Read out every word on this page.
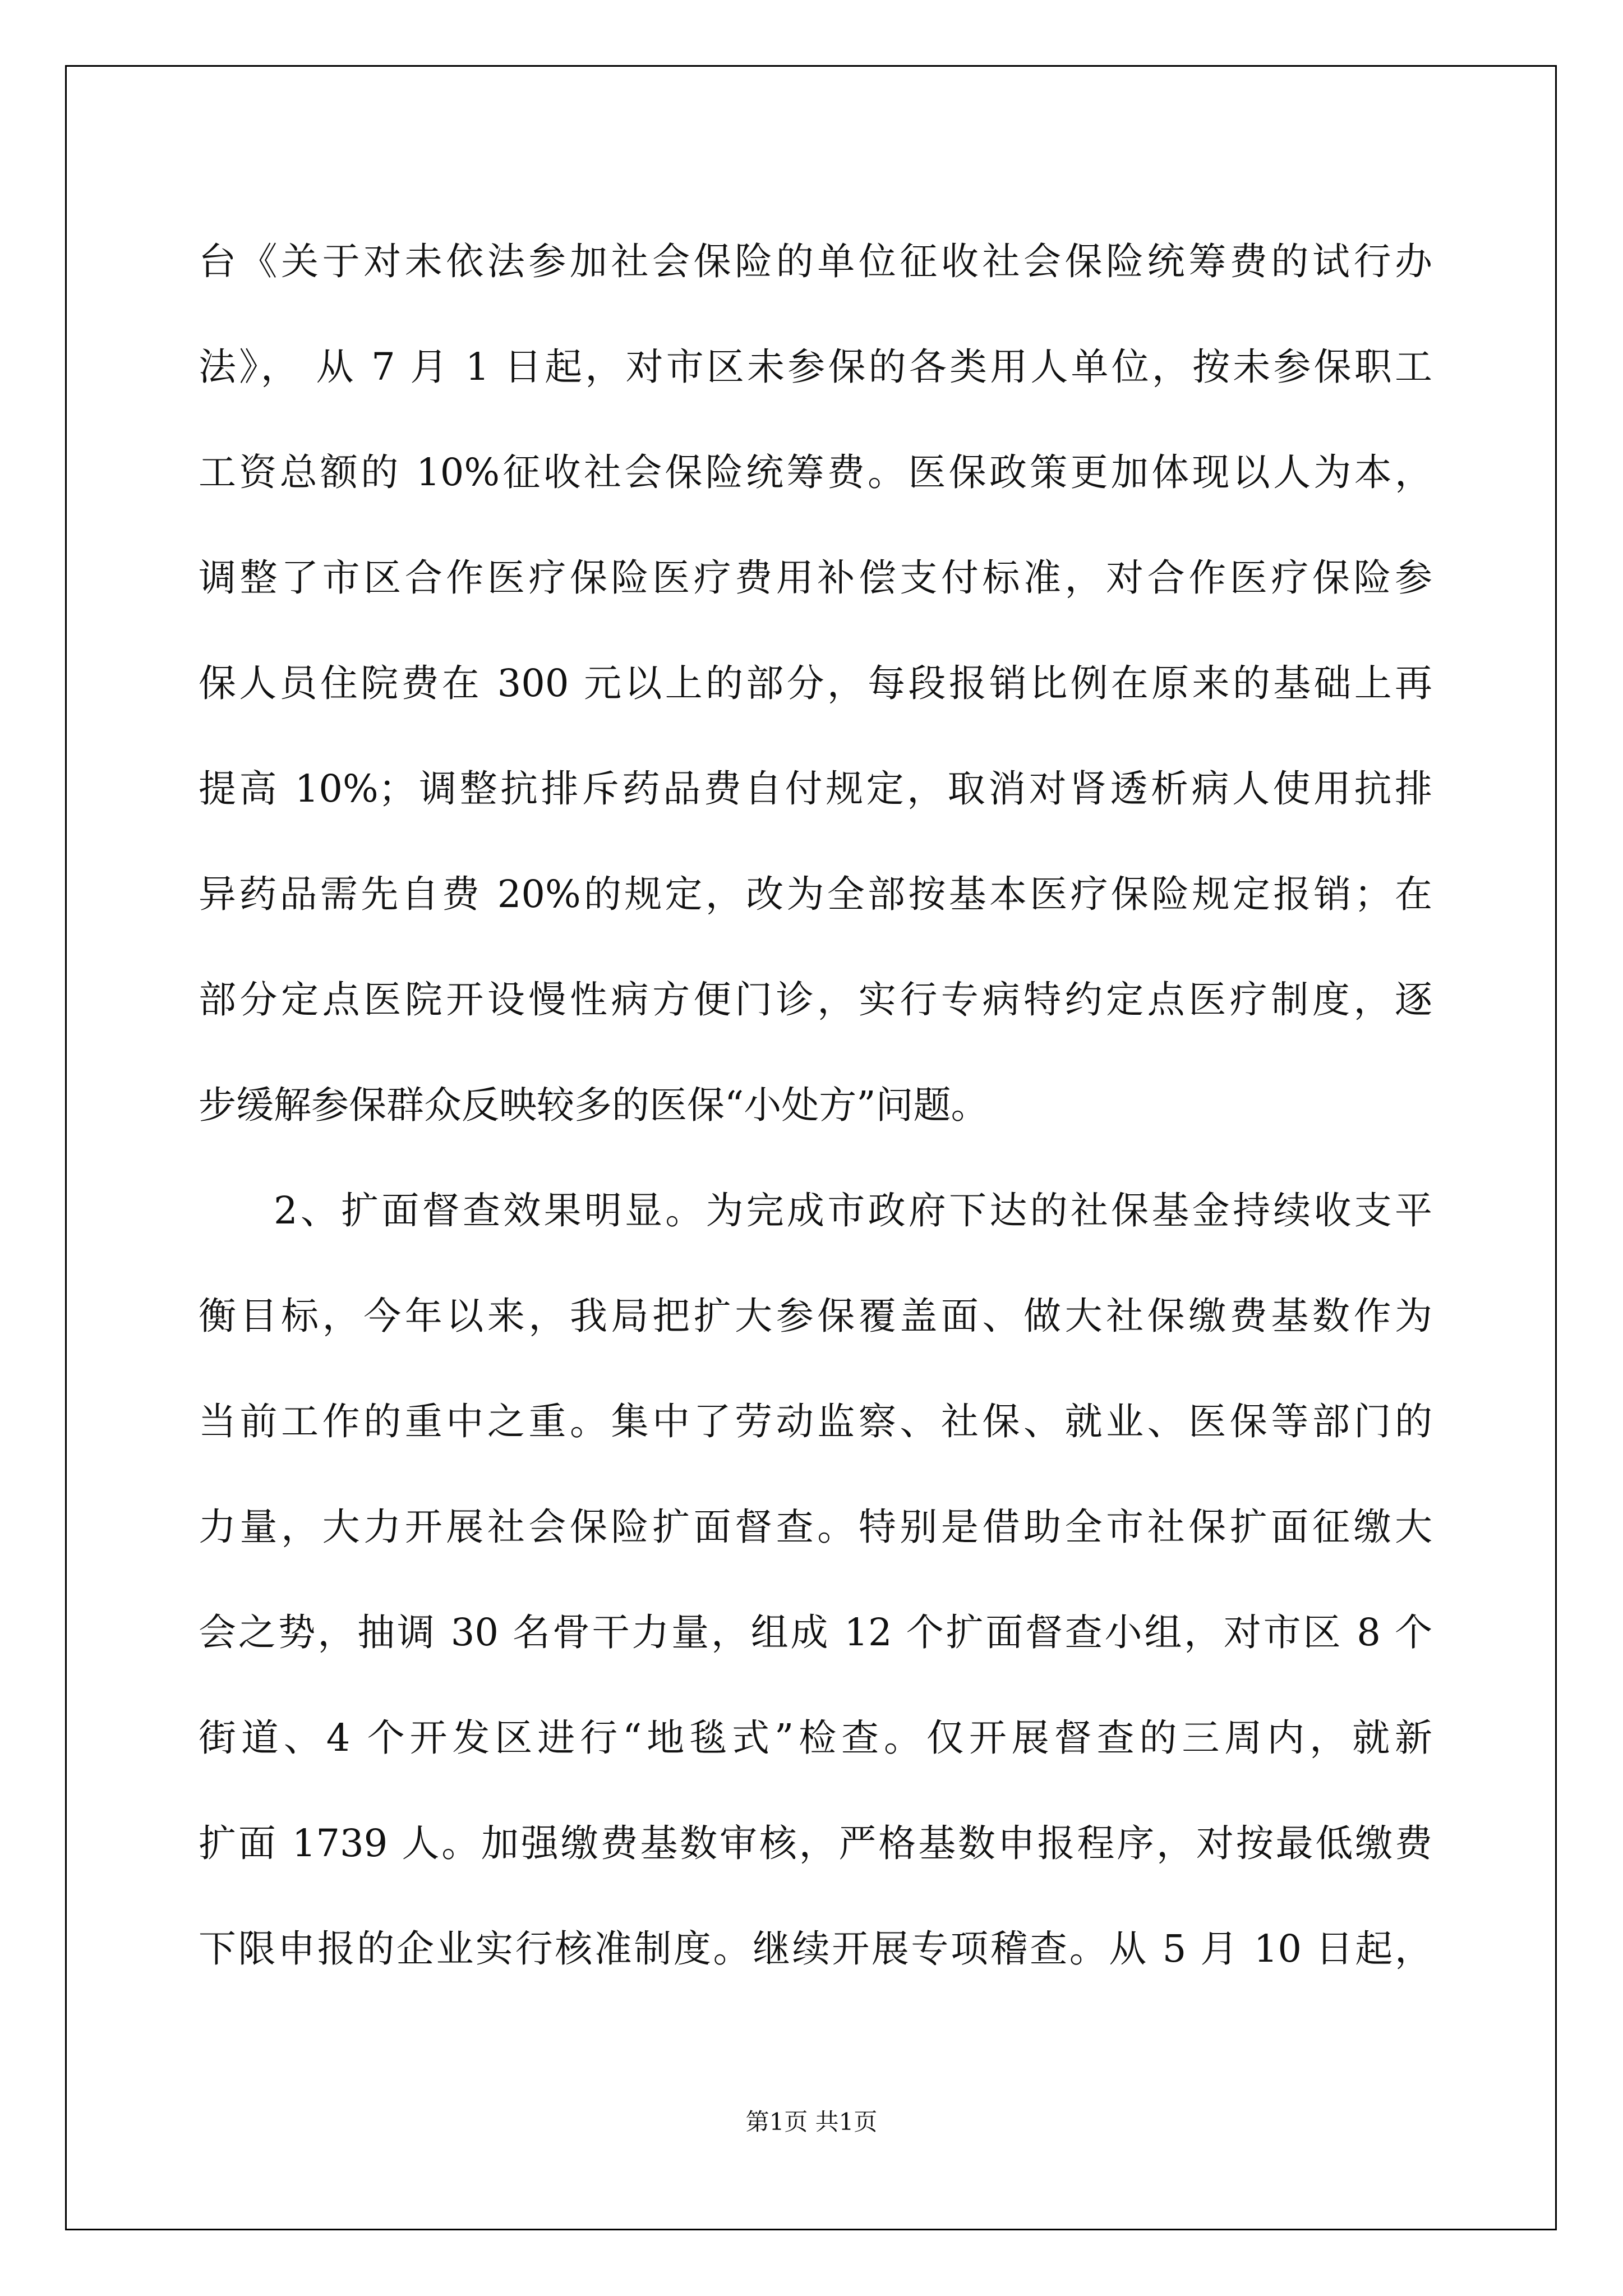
台《关于对未依法参加社会保险的单位征收社会保险统筹费的试行办
法》， 从 7 月 1 日起，对市区未参保的各类用人单位，按未参保职工
工资总额的 10%征收社会保险统筹费。医保政策更加体现以人为本，
调整了市区合作医疗保险医疗费用补偿支付标准，对合作医疗保险参
保人员住院费在 300 元以上的部分，每段报销比例在原来的基础上再
提高 10%；调整抗排斥药品费自付规定，取消对肾透析病人使用抗排
异药品需先自费 20%的规定，改为全部按基本医疗保险规定报销；在
部分定点医院开设慢性病方便门诊，实行专病特约定点医疗制度，逐
步缓解参保群众反映较多的医保“小处方”问题。
2、扩面督查效果明显。为完成市政府下达的社保基金持续收支平
衡目标，今年以来，我局把扩大参保覆盖面、做大社保缴费基数作为
当前工作的重中之重。集中了劳动监察、社保、就业、医保等部门的
力量，大力开展社会保险扩面督查。特别是借助全市社保扩面征缴大
会之势，抽调 30 名骨干力量，组成 12 个扩面督查小组，对市区 8 个
街道、4 个开发区进行“地毯式”检查。仅开展督查的三周内，就新
扩面 1739 人。加强缴费基数审核，严格基数申报程序，对按最低缴费
下限申报的企业实行核准制度。继续开展专项稽查。从 5 月 10 日起，
第1页 共1页
